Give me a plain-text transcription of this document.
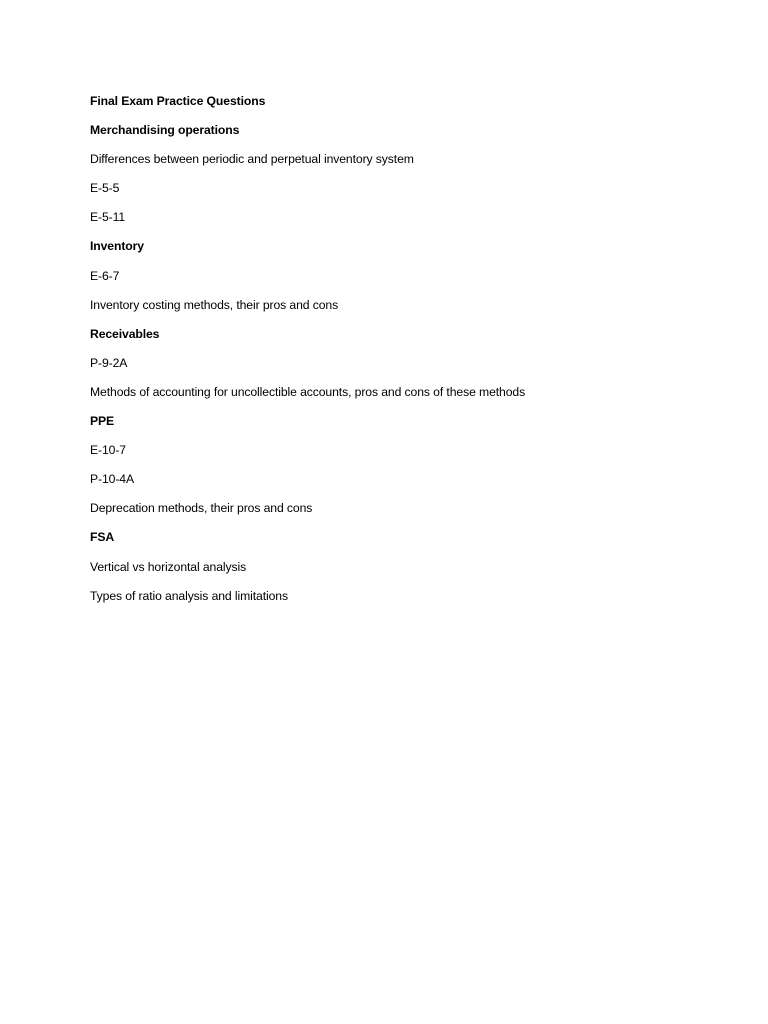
Final Exam Practice Questions
Merchandising operations
Differences between periodic and perpetual inventory system
E-5-5
E-5-11
Inventory
E-6-7
Inventory costing methods, their pros and cons
Receivables
P-9-2A
Methods of accounting for uncollectible accounts, pros and cons of these methods
PPE
E-10-7
P-10-4A
Deprecation methods, their pros and cons
FSA
Vertical vs horizontal analysis
Types of ratio analysis and limitations
